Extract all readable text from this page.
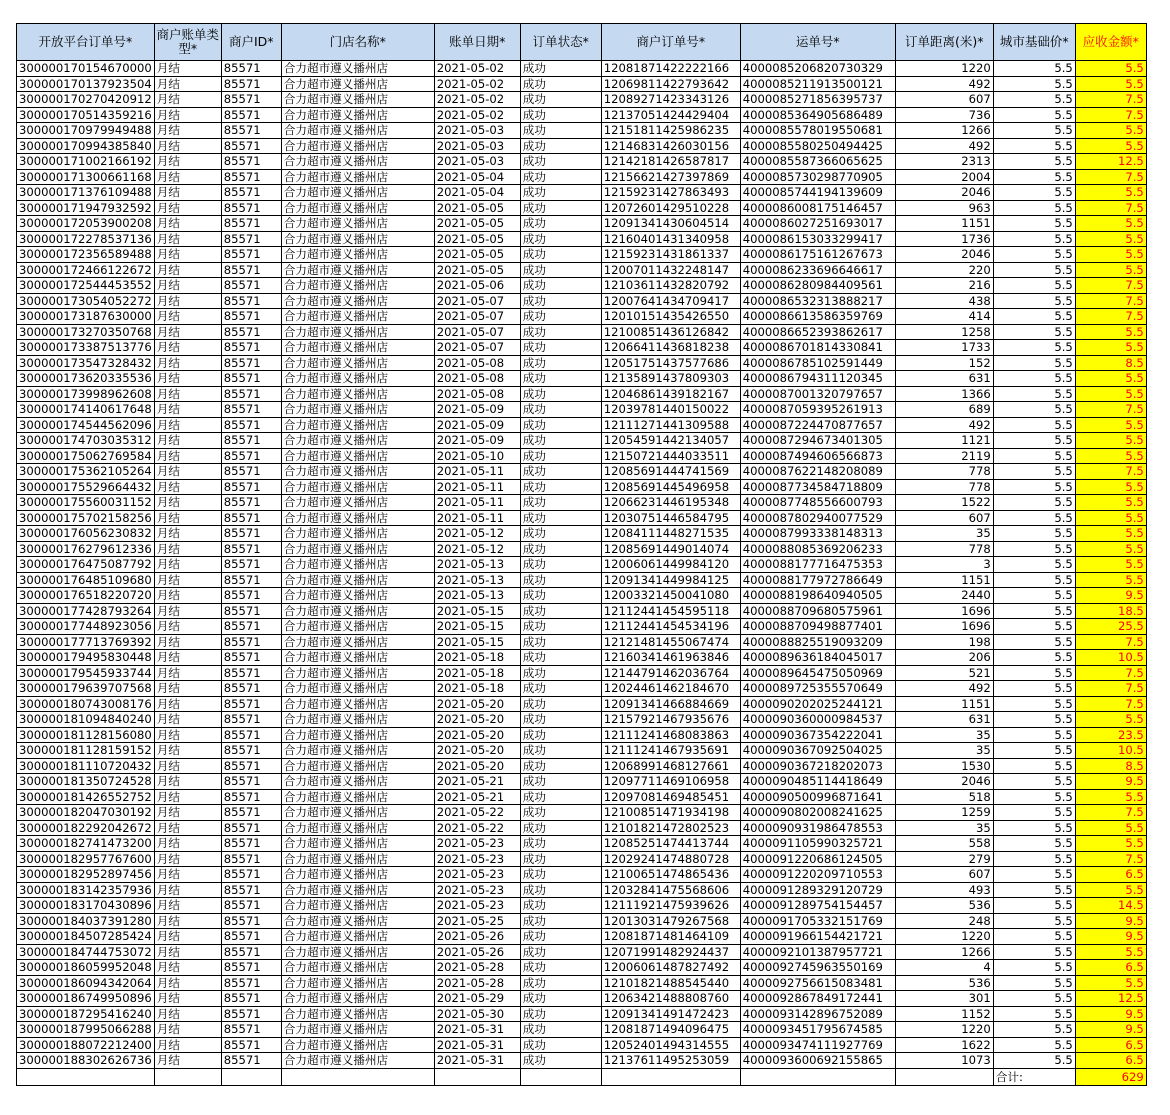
开放平台订单号*	商户账单类型*	商户ID*	门店名称*	账单日期*	订单状态*	商户订单号*	运单号*	订单距离(米)*	城市基础价*	应收金额*
300000170154670000	月结	85571	合力超市遵义播州店	2021-05-02	成功	12081871422222166	4000085206820730329	1220	5.5	5.5
300000170137923504	月结	85571	合力超市遵义播州店	2021-05-02	成功	12069811422793642	4000085211913500121	492	5.5	5.5
300000170270420912	月结	85571	合力超市遵义播州店	2021-05-02	成功	12089271423343126	4000085271856395737	607	5.5	7.5
300000170514359216	月结	85571	合力超市遵义播州店	2021-05-02	成功	12137051424429404	4000085364905686489	736	5.5	7.5
300000170979949488	月结	85571	合力超市遵义播州店	2021-05-03	成功	12151811425986235	4000085578019550681	1266	5.5	5.5
300000170994385840	月结	85571	合力超市遵义播州店	2021-05-03	成功	12146831426030156	4000085580250494425	492	5.5	5.5
300000171002166192	月结	85571	合力超市遵义播州店	2021-05-03	成功	12142181426587817	4000085587366065625	2313	5.5	12.5
300000171300661168	月结	85571	合力超市遵义播州店	2021-05-04	成功	12156621427397869	4000085730298770905	2004	5.5	7.5
300000171376109488	月结	85571	合力超市遵义播州店	2021-05-04	成功	12159231427863493	4000085744194139609	2046	5.5	5.5
300000171947932592	月结	85571	合力超市遵义播州店	2021-05-05	成功	12072601429510228	4000086008175146457	963	5.5	7.5
300000172053900208	月结	85571	合力超市遵义播州店	2021-05-05	成功	12091341430604514	4000086027251693017	1151	5.5	5.5
300000172278537136	月结	85571	合力超市遵义播州店	2021-05-05	成功	12160401431340958	4000086153033299417	1736	5.5	5.5
300000172356589488	月结	85571	合力超市遵义播州店	2021-05-05	成功	12159231431861337	4000086175161267673	2046	5.5	5.5
300000172466122672	月结	85571	合力超市遵义播州店	2021-05-05	成功	12007011432248147	4000086233696646617	220	5.5	5.5
300000172544453552	月结	85571	合力超市遵义播州店	2021-05-06	成功	12103611432820792	4000086280984409561	216	5.5	7.5
300000173054052272	月结	85571	合力超市遵义播州店	2021-05-07	成功	12007641434709417	4000086532313888217	438	5.5	7.5
300000173187630000	月结	85571	合力超市遵义播州店	2021-05-07	成功	12010151435426550	4000086613586359769	414	5.5	7.5
300000173270350768	月结	85571	合力超市遵义播州店	2021-05-07	成功	12100851436126842	4000086652393862617	1258	5.5	5.5
300000173387513776	月结	85571	合力超市遵义播州店	2021-05-07	成功	12066411436818238	4000086701814330841	1733	5.5	5.5
300000173547328432	月结	85571	合力超市遵义播州店	2021-05-08	成功	12051751437577686	4000086785102591449	152	5.5	8.5
300000173620335536	月结	85571	合力超市遵义播州店	2021-05-08	成功	12135891437809303	4000086794311120345	631	5.5	5.5
300000173998962608	月结	85571	合力超市遵义播州店	2021-05-08	成功	12046861439182167	4000087001320797657	1366	5.5	5.5
300000174140617648	月结	85571	合力超市遵义播州店	2021-05-09	成功	12039781440150022	4000087059395261913	689	5.5	7.5
300000174544562096	月结	85571	合力超市遵义播州店	2021-05-09	成功	12111271441309588	4000087224470877657	492	5.5	5.5
300000174703035312	月结	85571	合力超市遵义播州店	2021-05-09	成功	12054591442134057	4000087294673401305	1121	5.5	5.5
300000175062769584	月结	85571	合力超市遵义播州店	2021-05-10	成功	12150721444033511	4000087494606566873	2119	5.5	5.5
300000175362105264	月结	85571	合力超市遵义播州店	2021-05-11	成功	12085691444741569	4000087622148208089	778	5.5	7.5
300000175529664432	月结	85571	合力超市遵义播州店	2021-05-11	成功	12085691445496958	4000087734584718809	778	5.5	5.5
300000175560031152	月结	85571	合力超市遵义播州店	2021-05-11	成功	12066231446195348	4000087748556600793	1522	5.5	5.5
300000175702158256	月结	85571	合力超市遵义播州店	2021-05-11	成功	12030751446584795	4000087802940077529	607	5.5	5.5
300000176056230832	月结	85571	合力超市遵义播州店	2021-05-12	成功	12084111448271535	4000087993338148313	35	5.5	5.5
300000176279612336	月结	85571	合力超市遵义播州店	2021-05-12	成功	12085691449014074	4000088085369206233	778	5.5	5.5
300000176475087792	月结	85571	合力超市遵义播州店	2021-05-13	成功	12006061449984120	4000088177716475353	3	5.5	5.5
300000176485109680	月结	85571	合力超市遵义播州店	2021-05-13	成功	12091341449984125	4000088177972786649	1151	5.5	5.5
300000176518220720	月结	85571	合力超市遵义播州店	2021-05-13	成功	12003321450041080	4000088198640940505	2440	5.5	9.5
300000177428793264	月结	85571	合力超市遵义播州店	2021-05-15	成功	12112441454595118	4000088709680575961	1696	5.5	18.5
300000177448923056	月结	85571	合力超市遵义播州店	2021-05-15	成功	12112441454534196	4000088709498877401	1696	5.5	25.5
300000177713769392	月结	85571	合力超市遵义播州店	2021-05-15	成功	12121481455067474	4000088825519093209	198	5.5	7.5
300000179495830448	月结	85571	合力超市遵义播州店	2021-05-18	成功	12160341461963846	4000089636184045017	206	5.5	10.5
300000179545933744	月结	85571	合力超市遵义播州店	2021-05-18	成功	12144791462036764	4000089645475050969	521	5.5	7.5
300000179639707568	月结	85571	合力超市遵义播州店	2021-05-18	成功	12024461462184670	4000089725355570649	492	5.5	7.5
300000180743008176	月结	85571	合力超市遵义播州店	2021-05-20	成功	12091341466884669	4000090202025244121	1151	5.5	7.5
300000181094840240	月结	85571	合力超市遵义播州店	2021-05-20	成功	12157921467935676	4000090360000984537	631	5.5	5.5
300000181128156080	月结	85571	合力超市遵义播州店	2021-05-20	成功	12111241468083863	4000090367354222041	35	5.5	23.5
300000181128159152	月结	85571	合力超市遵义播州店	2021-05-20	成功	12111241467935691	4000090367092504025	35	5.5	10.5
300000181110720432	月结	85571	合力超市遵义播州店	2021-05-20	成功	12068991468127661	4000090367218202073	1530	5.5	8.5
300000181350724528	月结	85571	合力超市遵义播州店	2021-05-21	成功	12097711469106958	4000090485114418649	2046	5.5	9.5
300000181426552752	月结	85571	合力超市遵义播州店	2021-05-21	成功	12097081469485451	4000090500996871641	518	5.5	5.5
300000182047030192	月结	85571	合力超市遵义播州店	2021-05-22	成功	12100851471934198	4000090802008241625	1259	5.5	7.5
300000182292042672	月结	85571	合力超市遵义播州店	2021-05-22	成功	12101821472802523	4000090931986478553	35	5.5	5.5
300000182741473200	月结	85571	合力超市遵义播州店	2021-05-23	成功	12085251474413744	4000091105990325721	558	5.5	5.5
300000182957767600	月结	85571	合力超市遵义播州店	2021-05-23	成功	12029241474880728	4000091220686124505	279	5.5	7.5
300000182952897456	月结	85571	合力超市遵义播州店	2021-05-23	成功	12100651474865436	4000091220209710553	607	5.5	6.5
300000183142357936	月结	85571	合力超市遵义播州店	2021-05-23	成功	12032841475568606	4000091289329120729	493	5.5	5.5
300000183170430896	月结	85571	合力超市遵义播州店	2021-05-23	成功	12111921475939626	4000091289754154457	536	5.5	14.5
300000184037391280	月结	85571	合力超市遵义播州店	2021-05-25	成功	12013031479267568	4000091705332151769	248	5.5	9.5
300000184507285424	月结	85571	合力超市遵义播州店	2021-05-26	成功	12081871481464109	4000091966154421721	1220	5.5	9.5
300000184744753072	月结	85571	合力超市遵义播州店	2021-05-26	成功	12071991482924437	4000092101387957721	1266	5.5	5.5
300000186059952048	月结	85571	合力超市遵义播州店	2021-05-28	成功	12006061487827492	4000092745963550169	4	5.5	6.5
300000186094342064	月结	85571	合力超市遵义播州店	2021-05-28	成功	12101821488545440	4000092756615083481	536	5.5	5.5
300000186749950896	月结	85571	合力超市遵义播州店	2021-05-29	成功	12063421488808760	4000092867849172441	301	5.5	12.5
300000187295416240	月结	85571	合力超市遵义播州店	2021-05-30	成功	12091341491472423	4000093142896752089	1152	5.5	9.5
300000187995066288	月结	85571	合力超市遵义播州店	2021-05-31	成功	12081871494096475	4000093451795674585	1220	5.5	9.5
300000188072212400	月结	85571	合力超市遵义播州店	2021-05-31	成功	12052401494314555	4000093474111927769	1622	5.5	6.5
300000188302626736	月结	85571	合力超市遵义播州店	2021-05-31	成功	12137611495253059	4000093600692155865	1073	5.5	6.5
									合计:	629
